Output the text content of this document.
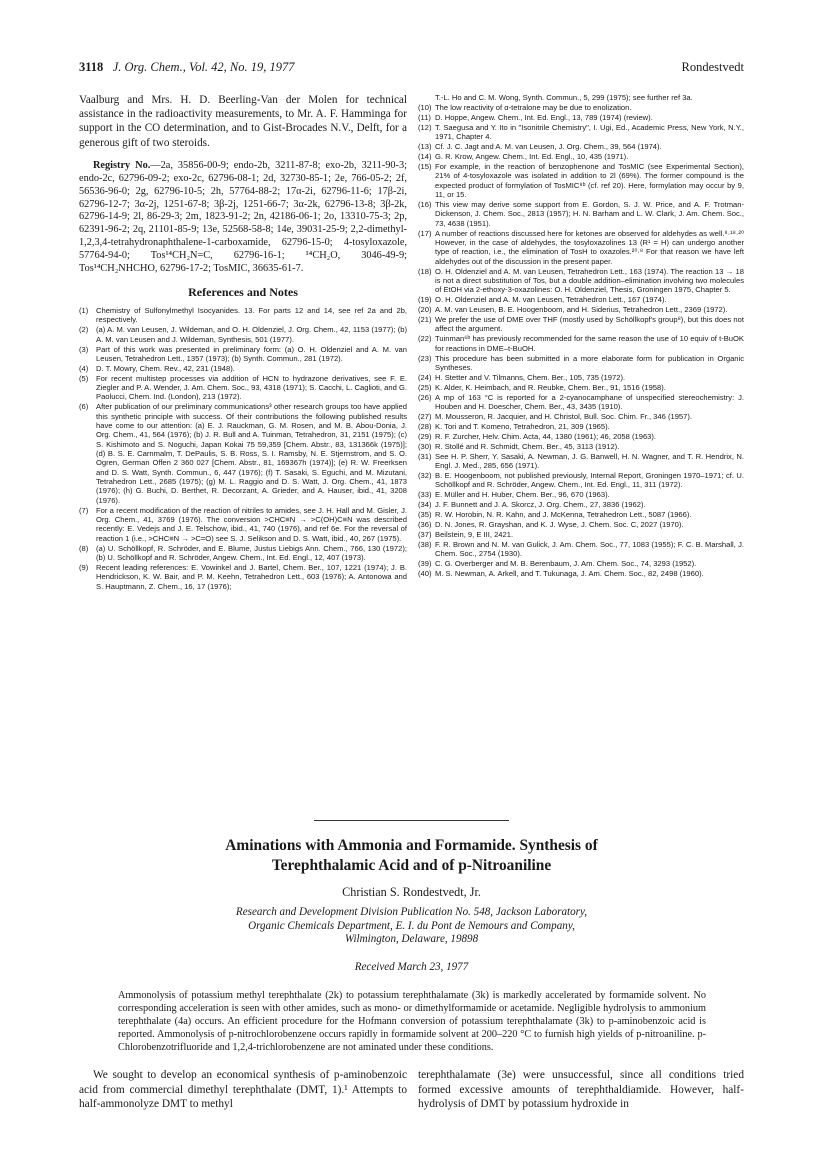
3118 J. Org. Chem., Vol. 42, No. 19, 1977	Rondestvedt

Vaalburg and Mrs. H. D. Beerling-Van der Molen for technical assistance in the radioactivity measurements, to Mr. A. F. Hamminga for support in the CO determination, and to Gist-Brocades N.V., Delft, for a generous gift of two steroids.

Registry No.—2a, 35856-00-9; endo-2b, 3211-87-8; exo-2b, 3211-90-3; endo-2c, 62796-09-2; exo-2c, 62796-08-1; 2d, 32730-85-1; 2e, 766-05-2; 2f, 56536-96-0; 2g, 62796-10-5; 2h, 57764-88-2; 17α-2i, 62796-11-6; 17β-2i, 62796-12-7; 3α-2j, 1251-67-8; 3β-2j, 1251-66-7; 3α-2k, 62796-13-8; 3β-2k, 62796-14-9; 2l, 86-29-3; 2m, 1823-91-2; 2n, 42186-06-1; 2o, 13310-75-3; 2p, 62391-96-2; 2q, 21101-85-9; 13e, 52568-58-8; 14e, 39031-25-9; 2,2-dimethyl-1,2,3,4-tetrahydronaphthalene-1-carboxamide, 62796-15-0; 4-tosyloxazole, 57764-94-0; Tos¹⁴CH₂N=C, 62796-16-1; ¹⁴CH₂O, 3046-49-9; Tos¹⁴CH₂NHCHO, 62796-17-2; TosMIC, 36635-61-7.

References and Notes
(1) Chemistry of Sulfonylmethyl Isocyanides. 13. For parts 12 and 14, see ref 2a and 2b, respectively.
(2) (a) A. M. van Leusen, J. Wildeman, and O. H. Oldenziel, J. Org. Chem., 42, 1153 (1977); (b) A. M. van Leusen and J. Wildeman, Synthesis, 501 (1977).
(3) Part of this work was presented in preliminary form: (a) O. H. Oldenziel and A. M. van Leusen, Tetrahedron Lett., 1357 (1973); (b) Synth. Commun., 281 (1972).
(4) D. T. Mowry, Chem. Rev., 42, 231 (1948).
(5) For recent multistep processes via addition of HCN to hydrazone derivatives, see F. E. Ziegler and P. A. Wender, J. Am. Chem. Soc., 93, 4318 (1971); S. Cacchi, L. Caglioti, and G. Paolucci, Chem. Ind. (London), 213 (1972).
(6) After publication of our preliminary communications³ other research groups too have applied this synthetic principle with success. Of their contributions the following published results have come to our attention: (a) E. J. Rauckman, G. M. Rosen, and M. B. Abou-Donia, J. Org. Chem., 41, 564 (1976); (b) J. R. Bull and A. Tuinman, Tetrahedron, 31, 2151 (1975); (c) S. Kishimoto and S. Noguchi, Japan Kokai 75 59,359 [Chem. Abstr., 83, 131366k (1975)]; (d) B. S. E. Carnmalm, T. DePaulis, S. B. Ross, S. I. Ramsby, N. E. Stjernstrom, and S. O. Ogren, German Offen 2 360 027 [Chem. Abstr., 81, 169367h (1974)]; (e) R. W. Freerksen and D. S. Watt, Synth. Commun., 6, 447 (1976); (f) T. Sasaki, S. Eguchi, and M. Mizutani, Tetrahedron Lett., 2685 (1975); (g) M. L. Raggio and D. S. Watt, J. Org. Chem., 41, 1873 (1976); (h) G. Buchi, D. Berthet, R. Decorzant, A. Grieder, and A. Hauser, ibid., 41, 3208 (1976).
(7) For a recent modification of the reaction of nitriles to amides, see J. H. Hall and M. Gisler, J. Org. Chem., 41, 3769 (1976). The conversion >CHC≡N → >C(OH)C≡N was described recently: E. Vedejs and J. E. Telschow, ibid., 41, 740 (1976), and ref 6e. For the reversal of reaction 1 (i.e., >CHC≡N → >C=O) see S. J. Selikson and D. S. Watt, ibid., 40, 267 (1975).
(8) (a) U. Schöllkopf, R. Schröder, and E. Blume, Justus Liebigs Ann. Chem., 766, 130 (1972); (b) U. Schöllkopf and R. Schröder, Angew. Chem., Int. Ed. Engl., 12, 407 (1973).
(9) Recent leading references: E. Vowinkel and J. Bartel, Chem. Ber., 107, 1221 (1974); J. B. Hendrickson, K. W. Bair, and P. M. Keehn, Tetrahedron Lett., 603 (1976); A. Antonowa and S. Hauptmann, Z. Chem., 16, 17 (1976);
T.-L. Ho and C. M. Wong, Synth. Commun., 5, 299 (1975); see further ref 3a.
(10) The low reactivity of α-tetralone may be due to enolization.
(11) D. Hoppe, Angew. Chem., Int. Ed. Engl., 13, 789 (1974) (review).
(12) T. Saegusa and Y. Ito in "Isonitrile Chemistry", I. Ugi, Ed., Academic Press, New York, N.Y., 1971, Chapter 4.
(13) Cf. J. C. Jagt and A. M. van Leusen, J. Org. Chem., 39, 564 (1974).
(14) G. R. Krow, Angew. Chem., Int. Ed. Engl., 10, 435 (1971).
(15) For example, in the reaction of benzophenone and TosMIC (see Experimental Section), 21% of 4-tosyloxazole was isolated in addition to 2l (69%). The former compound is the expected product of formylation of TosMIC⁸ᵇ (cf. ref 20). Here, formylation may occur by 9, 11, or 15.
(16) This view may derive some support from E. Gordon, S. J. W. Price, and A. F. Trotman-Dickenson, J. Chem. Soc., 2813 (1957); H. N. Barham and L. W. Clark, J. Am. Chem. Soc., 73, 4638 (1951).
(17) A number of reactions discussed here for ketones are observed for aldehydes as well.⁸·¹⁸·²⁰ However, in the case of aldehydes, the tosyloxazolines 13 (R¹ = H) can undergo another type of reaction, i.e., the elimination of TosH to oxazoles.²⁰·⁸ For that reason we have left aldehydes out of the discussion in the present paper.
(18) O. H. Oldenziel and A. M. van Leusen, Tetrahedron Lett., 163 (1974). The reaction 13 → 18 is not a direct substitution of Tos, but a double addition–elimination involving two molecules of EtOH via 2-ethoxy-3-oxazolines: O. H. Oldenziel, Thesis, Groningen 1975, Chapter 5.
(19) O. H. Oldenziel and A. M. van Leusen, Tetrahedron Lett., 167 (1974).
(20) A. M. van Leusen, B. E. Hoogenboom, and H. Siderius, Tetrahedron Lett., 2369 (1972).
(21) We prefer the use of DME over THF (mostly used by Schöllkopf's group⁸), but this does not affect the argument.
(22) Tuinman⁶ᵇ has previously recommended for the same reason the use of 10 equiv of t-BuOK for reactions in DME–t-BuOH.
(23) This procedure has been submitted in a more elaborate form for publication in Organic Syntheses.
(24) H. Stetter and V. Tilmanns, Chem. Ber., 105, 735 (1972).
(25) K. Alder, K. Heimbach, and R. Reubke, Chem. Ber., 91, 1516 (1958).
(26) A mp of 163 °C is reported for a 2-cyanocamphane of unspecified stereochemistry: J. Houben and H. Doescher, Chem. Ber., 43, 3435 (1910).
(27) M. Mousseron, R. Jacquier, and H. Christol, Bull. Soc. Chim. Fr., 346 (1957).
(28) K. Tori and T. Komeno, Tetrahedron, 21, 309 (1965).
(29) R. F. Zurcher, Helv. Chim. Acta, 44, 1380 (1961); 46, 2058 (1963).
(30) R. Stollé and R. Schmidt, Chem. Ber., 45, 3113 (1912).
(31) See H. P. Sherr, Y. Sasaki, A. Newman, J. G. Banwell, H. N. Wagner, and T. R. Hendrix, N. Engl. J. Med., 285, 656 (1971).
(32) B. E. Hoogenboom, not published previously, Internal Report, Groningen 1970–1971; cf. U. Schöllkopf and R. Schröder, Angew. Chem., Int. Ed. Engl., 11, 311 (1972).
(33) E. Müller and H. Huber, Chem. Ber., 96, 670 (1963).
(34) J. F. Bunnett and J. A. Skorcz, J. Org. Chem., 27, 3836 (1962).
(35) R. W. Horobin, N. R. Kahn, and J. McKenna, Tetrahedron Lett., 5087 (1966).
(36) D. N. Jones, R. Grayshan, and K. J. Wyse, J. Chem. Soc. C, 2027 (1970).
(37) Beilstein, 9, E III, 2421.
(38) F. R. Brown and N. M. van Gulick, J. Am. Chem. Soc., 77, 1083 (1955); F. C. B. Marshall, J. Chem. Soc., 2754 (1930).
(39) C. G. Overberger and M. B. Berenbaum, J. Am. Chem. Soc., 74, 3293 (1952).
(40) M. S. Newman, A. Arkell, and T. Tukunaga, J. Am. Chem. Soc., 82, 2498 (1960).
Aminations with Ammonia and Formamide. Synthesis of
Terephthalamic Acid and of p-Nitroaniline
Christian S. Rondestvedt, Jr.
Research and Development Division Publication No. 548, Jackson Laboratory,
Organic Chemicals Department, E. I. du Pont de Nemours and Company,
Wilmington, Delaware, 19898
Received March 23, 1977

Ammonolysis of potassium methyl terephthalate (2k) to potassium terephthalamate (3k) is markedly accelerated by formamide solvent. No corresponding acceleration is seen with other amides, such as mono- or dimethylformamide or acetamide. Negligible hydrolysis to ammonium terephthalate (4a) occurs. An efficient procedure for the Hofmann conversion of potassium terephthalamate (3k) to p-aminobenzoic acid is reported. Ammonolysis of p-nitrochlorobenzene occurs rapidly in formamide solvent at 200–220 °C to furnish high yields of p-nitroaniline. p-Chlorobenzotrifluoride and 1,2,4-trichlorobenzene are not aminated under these conditions.

We sought to develop an economical synthesis of p-aminobenzoic acid from commercial dimethyl terephthalate (DMT, 1).¹ Attempts to half-ammonolyze DMT to methyl

terephthalamate (3e) were unsuccessful, since all conditions tried formed excessive amounts of terephthaldiamide. However, half-hydrolysis of DMT by potassium hydroxide in
